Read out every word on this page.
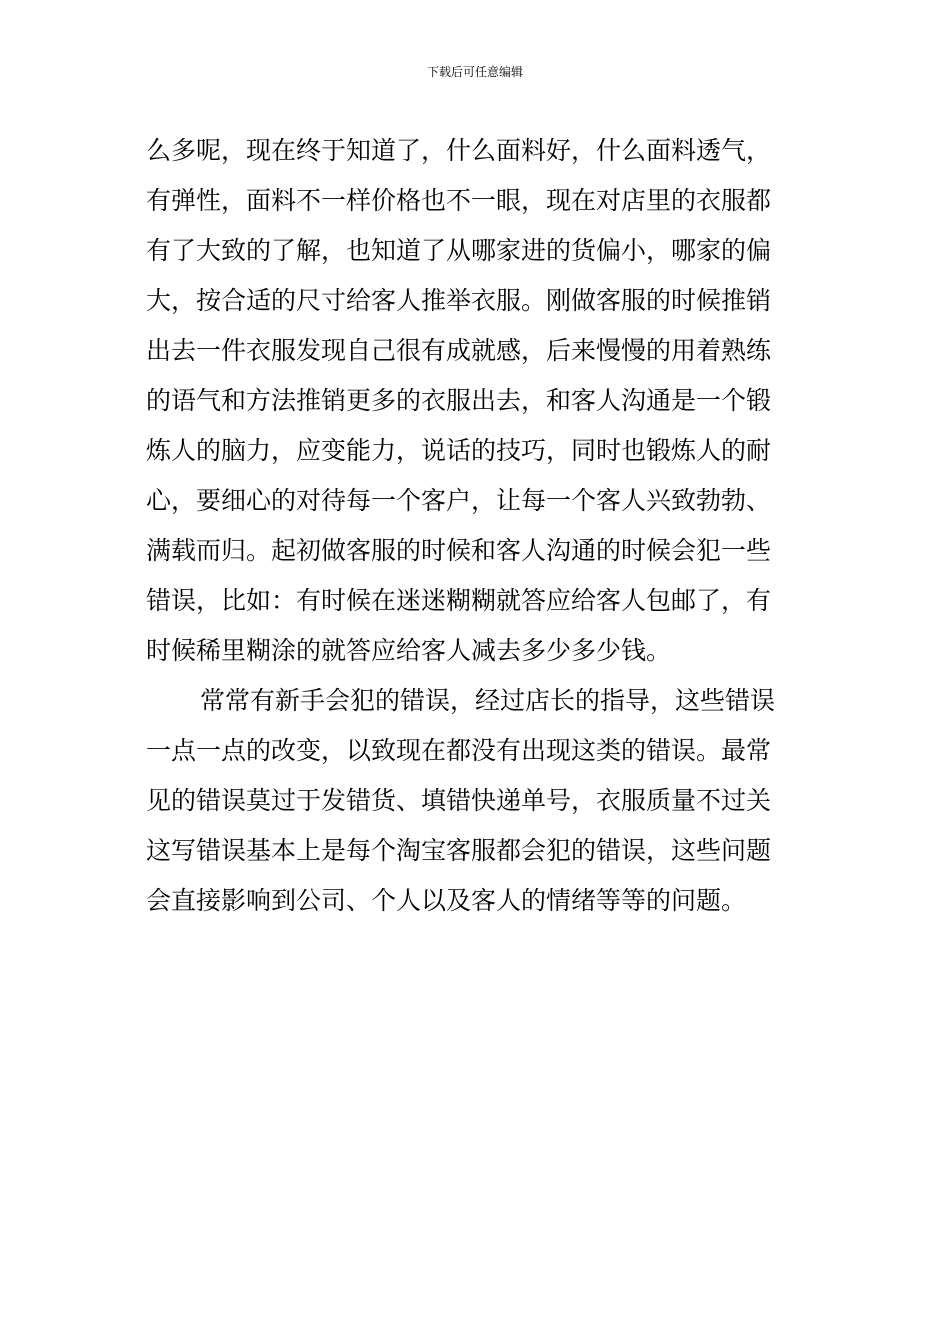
下载后可任意编辑
么多呢，现在终于知道了，什么面料好，什么面料透气，
有弹性，面料不一样价格也不一眼，现在对店里的衣服都
有了大致的了解，也知道了从哪家进的货偏小，哪家的偏
大，按合适的尺寸给客人推举衣服。刚做客服的时候推销
出去一件衣服发现自己很有成就感，后来慢慢的用着熟练
的语气和方法推销更多的衣服出去，和客人沟通是一个锻
炼人的脑力，应变能力，说话的技巧，同时也锻炼人的耐
心，要细心的对待每一个客户，让每一个客人兴致勃勃、
满载而归。起初做客服的时候和客人沟通的时候会犯一些
错误，比如：有时候在迷迷糊糊就答应给客人包邮了，有
时候稀里糊涂的就答应给客人减去多少多少钱。
常常有新手会犯的错误，经过店长的指导，这些错误
一点一点的改变，以致现在都没有出现这类的错误。最常
见的错误莫过于发错货、填错快递单号，衣服质量不过关
这写错误基本上是每个淘宝客服都会犯的错误，这些问题
会直接影响到公司、个人以及客人的情绪等等的问题。
